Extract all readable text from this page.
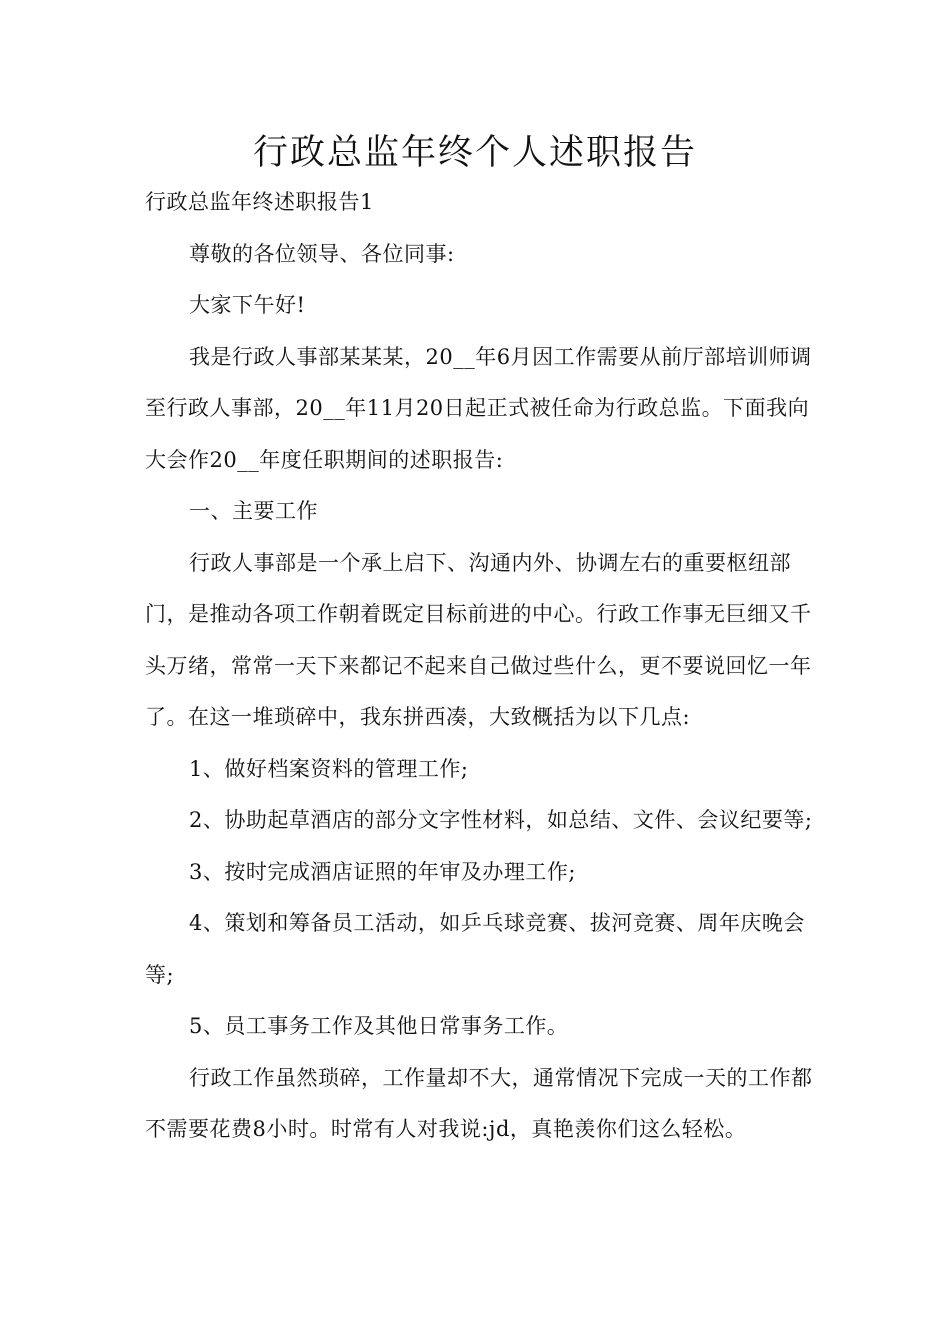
行政总监年终个人述职报告

行政总监年终述职报告1

尊敬的各位领导、各位同事:

大家下午好!

我是行政人事部某某某，20__年6月因工作需要从前厅部培训师调至行政人事部，20__年11月20日起正式被任命为行政总监。下面我向大会作20__年度任职期间的述职报告:

一、主要工作

行政人事部是一个承上启下、沟通内外、协调左右的重要枢纽部门，是推动各项工作朝着既定目标前进的中心。行政工作事无巨细又千头万绪，常常一天下来都记不起来自己做过些什么，更不要说回忆一年了。在这一堆琐碎中，我东拼西凑，大致概括为以下几点:

1、做好档案资料的管理工作;

2、协助起草酒店的部分文字性材料，如总结、文件、会议纪要等;

3、按时完成酒店证照的年审及办理工作;

4、策划和筹备员工活动，如乒乓球竞赛、拔河竞赛、周年庆晚会等;

5、员工事务工作及其他日常事务工作。

行政工作虽然琐碎，工作量却不大，通常情况下完成一天的工作都不需要花费8小时。时常有人对我说:jd，真艳羡你们这么轻松。
